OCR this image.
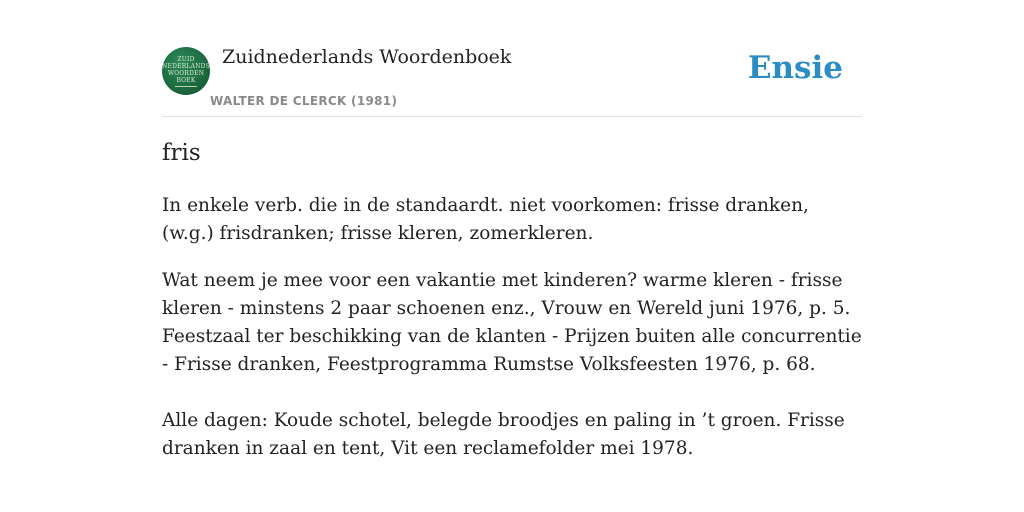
ZUID
NEDERLANDS
WOORDEN
BOEK
Zuidnederlands Woordenboek
WALTER DE CLERCK (1981)
Ensie
fris

In enkele verb. die in de standaardt. niet voorkomen: frisse dranken, (w.g.) frisdranken; frisse kleren, zomerkleren.

Wat neem je mee voor een vakantie met kinderen? warme kleren - frisse kleren - minstens 2 paar schoenen enz., Vrouw en Wereld juni 1976, p. 5. Feestzaal ter beschikking van de klanten - Prijzen buiten alle concurrentie - Frisse dranken, Feestprogramma Rumstse Volksfeesten 1976, p. 68.

Alle dagen: Koude schotel, belegde broodjes en paling in ’t groen. Frisse dranken in zaal en tent, Vit een reclamefolder mei 1978.
